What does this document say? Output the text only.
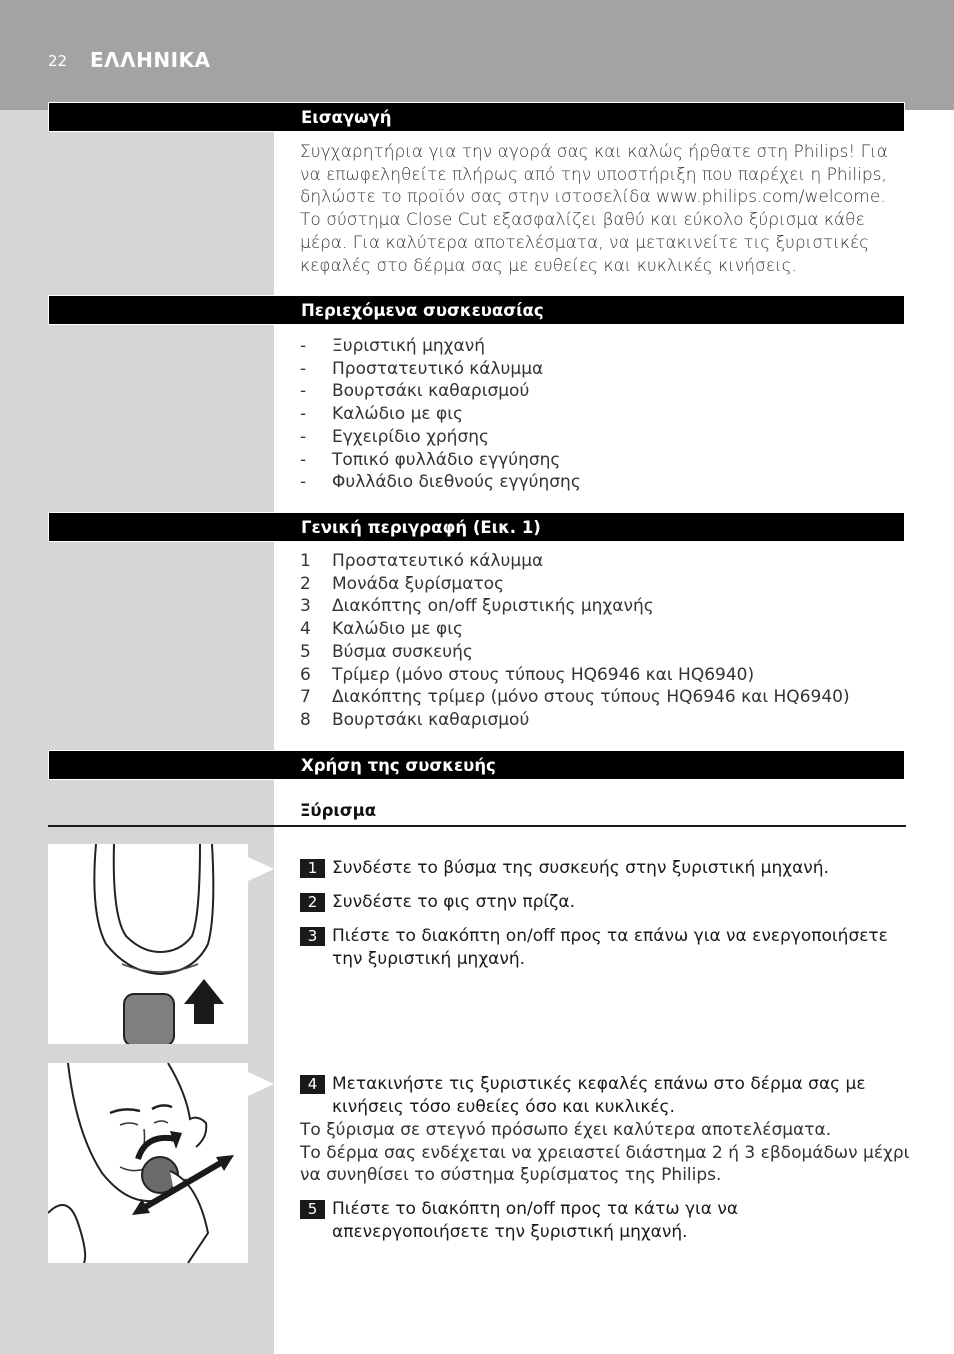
22 ΕΛΛΗΝΙΚΑ
Εισαγωγή
Συγχαρητήρια για την αγορά σας και καλώς ήρθατε στη Philips! Για
να επωφεληθείτε πλήρως από την υποστήριξη που παρέχει η Philips,
δηλώστε το προϊόν σας στην ιστοσελίδα www.philips.com/welcome.
Το σύστημα Close Cut εξασφαλίζει βαθύ και εύκολο ξύρισμα κάθε
μέρα. Για καλύτερα αποτελέσματα, να μετακινείτε τις ξυριστικές
κεφαλές στο δέρμα σας με ευθείες και κυκλικές κινήσεις.
Περιεχόμενα συσκευασίας
-	Ξυριστική μηχανή
-	Προστατευτικό κάλυμμα
-	Βουρτσάκι καθαρισμού
-	Καλώδιο με φις
-	Εγχειρίδιο χρήσης
-	Τοπικό φυλλάδιο εγγύησης
-	Φυλλάδιο διεθνούς εγγύησης
Γενική περιγραφή (Εικ. 1)
1	Προστατευτικό κάλυμμα
2	Μονάδα ξυρίσματος
3	Διακόπτης on/off ξυριστικής μηχανής
4	Καλώδιο με φις
5	Βύσμα συσκευής
6	Τρίμερ (μόνο στους τύπους HQ6946 και HQ6940)
7	Διακόπτης τρίμερ (μόνο στους τύπους HQ6946 και HQ6940)
8	Βουρτσάκι καθαρισμού
Χρήση της συσκευής
Ξύρισμα
1 Συνδέστε το βύσμα της συσκευής στην ξυριστική μηχανή.
2 Συνδέστε το φις στην πρίζα.
3 Πιέστε το διακόπτη on/off προς τα επάνω για να ενεργοποιήσετε
την ξυριστική μηχανή.
4 Μετακινήστε τις ξυριστικές κεφαλές επάνω στο δέρμα σας με
κινήσεις τόσο ευθείες όσο και κυκλικές.
Το ξύρισμα σε στεγνό πρόσωπο έχει καλύτερα αποτελέσματα.
Το δέρμα σας ενδέχεται να χρειαστεί διάστημα 2 ή 3 εβδομάδων μέχρι
να συνηθίσει το σύστημα ξυρίσματος της Philips.
5 Πιέστε το διακόπτη on/off προς τα κάτω για να
απενεργοποιήσετε την ξυριστική μηχανή.
